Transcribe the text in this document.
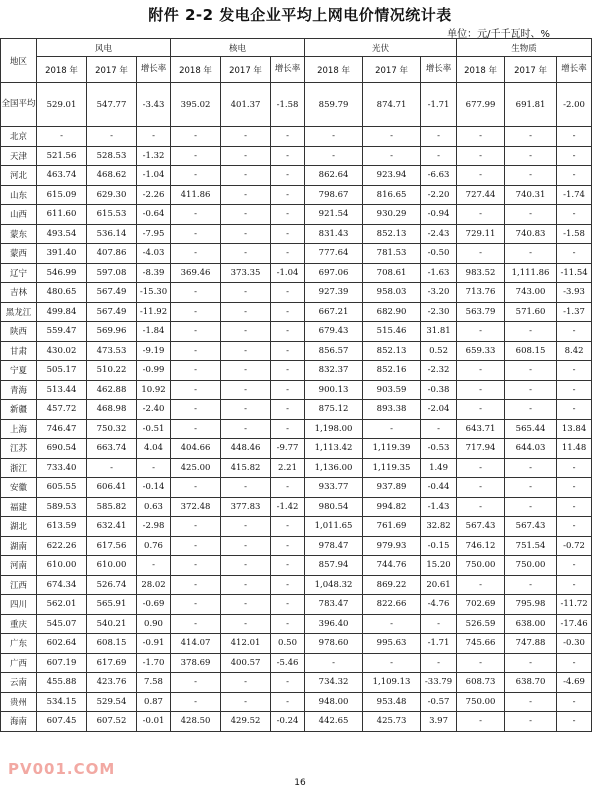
附件 2-2 发电企业平均上网电价情况统计表
单位：元/千千瓦时、%
地区	风电			核电			光伏			生物质		
	2018 年	2017 年	增长率	2018 年	2017 年	增长率	2018 年	2017 年	增长率	2018 年	2017 年	增长率
全国平均	529.01	547.77	-3.43	395.02	401.37	-1.58	859.79	874.71	-1.71	677.99	691.81	-2.00
北京	-	-	-	-	-	-	-	-	-	-	-	-
天津	521.56	528.53	-1.32	-	-	-	-	-	-	-	-	-
河北	463.74	468.62	-1.04	-	-	-	862.64	923.94	-6.63	-	-	-
山东	615.09	629.30	-2.26	411.86	-	-	798.67	816.65	-2.20	727.44	740.31	-1.74
山西	611.60	615.53	-0.64	-	-	-	921.54	930.29	-0.94	-	-	-
蒙东	493.54	536.14	-7.95	-	-	-	831.43	852.13	-2.43	729.11	740.83	-1.58
蒙西	391.40	407.86	-4.03	-	-	-	777.64	781.53	-0.50	-	-	-
辽宁	546.99	597.08	-8.39	369.46	373.35	-1.04	697.06	708.61	-1.63	983.52	1,111.86	-11.54
吉林	480.65	567.49	-15.30	-	-	-	927.39	958.03	-3.20	713.76	743.00	-3.93
黑龙江	499.84	567.49	-11.92	-	-	-	667.21	682.90	-2.30	563.79	571.60	-1.37
陕西	559.47	569.96	-1.84	-	-	-	679.43	515.46	31.81	-	-	-
甘肃	430.02	473.53	-9.19	-	-	-	856.57	852.13	0.52	659.33	608.15	8.42
宁夏	505.17	510.22	-0.99	-	-	-	832.37	852.16	-2.32	-	-	-
青海	513.44	462.88	10.92	-	-	-	900.13	903.59	-0.38	-	-	-
新疆	457.72	468.98	-2.40	-	-	-	875.12	893.38	-2.04	-	-	-
上海	746.47	750.32	-0.51	-	-	-	1,198.00	-	-	643.71	565.44	13.84
江苏	690.54	663.74	4.04	404.66	448.46	-9.77	1,113.42	1,119.39	-0.53	717.94	644.03	11.48
浙江	733.40	-	-	425.00	415.82	2.21	1,136.00	1,119.35	1.49	-	-	-
安徽	605.55	606.41	-0.14	-	-	-	933.77	937.89	-0.44	-	-	-
福建	589.53	585.82	0.63	372.48	377.83	-1.42	980.54	994.82	-1.43	-	-	-
湖北	613.59	632.41	-2.98	-	-	-	1,011.65	761.69	32.82	567.43	567.43	-
湖南	622.26	617.56	0.76	-	-	-	978.47	979.93	-0.15	746.12	751.54	-0.72
河南	610.00	610.00	-	-	-	-	857.94	744.76	15.20	750.00	750.00	-
江西	674.34	526.74	28.02	-	-	-	1,048.32	869.22	20.61	-	-	-
四川	562.01	565.91	-0.69	-	-	-	783.47	822.66	-4.76	702.69	795.98	-11.72
重庆	545.07	540.21	0.90	-	-	-	396.40	-	-	526.59	638.00	-17.46
广东	602.64	608.15	-0.91	414.07	412.01	0.50	978.60	995.63	-1.71	745.66	747.88	-0.30
广西	607.19	617.69	-1.70	378.69	400.57	-5.46	-	-	-	-	-	-
云南	455.88	423.76	7.58	-	-	-	734.32	1,109.13	-33.79	608.73	638.70	-4.69
贵州	534.15	529.54	0.87	-	-	-	948.00	953.48	-0.57	750.00	-	-
海南	607.45	607.52	-0.01	428.50	429.52	-0.24	442.65	425.73	3.97	-	-	-
PV001.COM
16
